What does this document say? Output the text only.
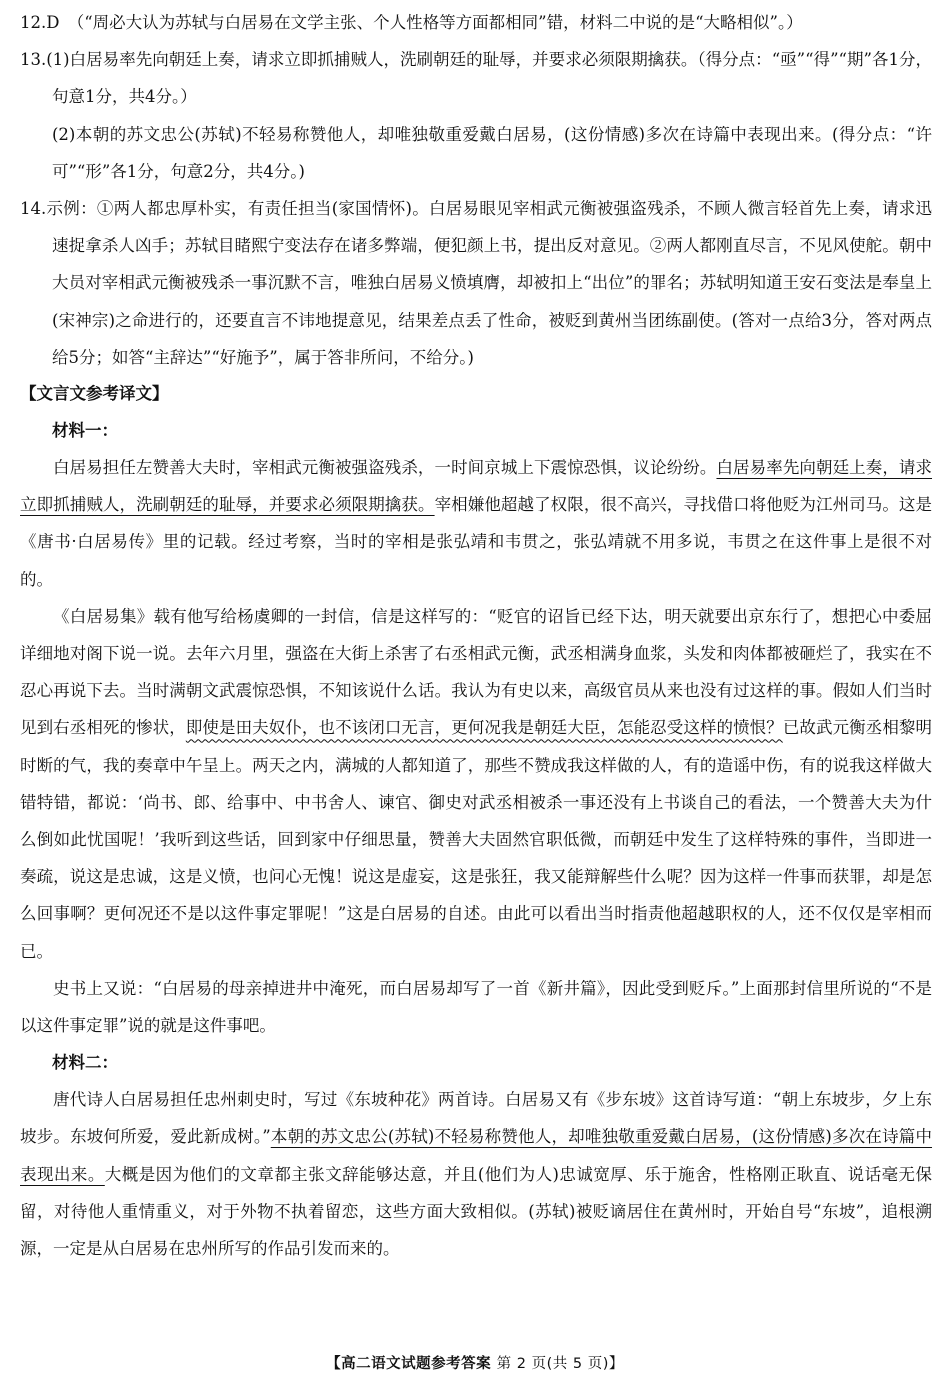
12.D　（“周必大认为苏轼与白居易在文学主张、个人性格等方面都相同”错，材料二中说的是“大略相似”。）

13.(1)白居易率先向朝廷上奏，请求立即抓捕贼人，洗刷朝廷的耻辱，并要求必须限期擒获。（得分点：“亟”“得”“期”各1分，句意1分，共4分。）

(2)本朝的苏文忠公(苏轼)不轻易称赞他人，却唯独敬重爱戴白居易，(这份情感)多次在诗篇中表现出来。(得分点：“许可”“形”各1分，句意2分，共4分。)

14.示例：①两人都忠厚朴实，有责任担当(家国情怀)。白居易眼见宰相武元衡被强盗残杀，不顾人微言轻首先上奏，请求迅速捉拿杀人凶手；苏轼目睹熙宁变法存在诸多弊端，便犯颜上书，提出反对意见。②两人都刚直尽言，不见风使舵。朝中大员对宰相武元衡被残杀一事沉默不言，唯独白居易义愤填膺，却被扣上“出位”的罪名；苏轼明知道王安石变法是奉皇上(宋神宗)之命进行的，还要直言不讳地提意见，结果差点丢了性命，被贬到黄州当团练副使。(答对一点给3分，答对两点给5分；如答“主辞达”“好施予”，属于答非所问，不给分。)

【文言文参考译文】

材料一：

白居易担任左赞善大夫时，宰相武元衡被强盗残杀，一时间京城上下震惊恐惧，议论纷纷。白居易率先向朝廷上奏，请求立即抓捕贼人，洗刷朝廷的耻辱，并要求必须限期擒获。宰相嫌他超越了权限，很不高兴，寻找借口将他贬为江州司马。这是《唐书·白居易传》里的记载。经过考察，当时的宰相是张弘靖和韦贯之，张弘靖就不用多说，韦贯之在这件事上是很不对的。

《白居易集》载有他写给杨虞卿的一封信，信是这样写的：“贬官的诏旨已经下达，明天就要出京东行了，想把心中委屈详细地对阁下说一说。去年六月里，强盗在大街上杀害了右丞相武元衡，武丞相满身血浆，头发和肉体都被砸烂了，我实在不忍心再说下去。当时满朝文武震惊恐惧，不知该说什么话。我认为有史以来，高级官员从来也没有过这样的事。假如人们当时见到右丞相死的惨状，即使是田夫奴仆，也不该闭口无言，更何况我是朝廷大臣，怎能忍受这样的愤恨？已故武元衡丞相黎明时断的气，我的奏章中午呈上。两天之内，满城的人都知道了，那些不赞成我这样做的人，有的造谣中伤，有的说我这样做大错特错，都说：‘尚书、郎、给事中、中书舍人、谏官、御史对武丞相被杀一事还没有上书谈自己的看法，一个赞善大夫为什么倒如此忧国呢！’我听到这些话，回到家中仔细思量，赞善大夫固然官职低微，而朝廷中发生了这样特殊的事件，当即进一奏疏，说这是忠诚，这是义愤，也问心无愧！说这是虚妄，这是张狂，我又能辩解些什么呢？因为这样一件事而获罪，却是怎么回事啊？更何况还不是以这件事定罪呢！”这是白居易的自述。由此可以看出当时指责他超越职权的人，还不仅仅是宰相而已。

史书上又说：“白居易的母亲掉进井中淹死，而白居易却写了一首《新井篇》，因此受到贬斥。”上面那封信里所说的“不是以这件事定罪”说的就是这件事吧。

材料二：

唐代诗人白居易担任忠州刺史时，写过《东坡种花》两首诗。白居易又有《步东坡》这首诗写道：“朝上东坡步，夕上东坡步。东坡何所爱，爱此新成树。”本朝的苏文忠公(苏轼)不轻易称赞他人，却唯独敬重爱戴白居易，(这份情感)多次在诗篇中表现出来。大概是因为他们的文章都主张文辞能够达意，并且(他们为人)忠诚宽厚、乐于施舍，性格刚正耿直、说话毫无保留，对待他人重情重义，对于外物不执着留恋，这些方面大致相似。(苏轼)被贬谪居住在黄州时，开始自号“东坡”，追根溯源，一定是从白居易在忠州所写的作品引发而来的。

【高二语文试题参考答案 第 2 页(共 5 页)】
